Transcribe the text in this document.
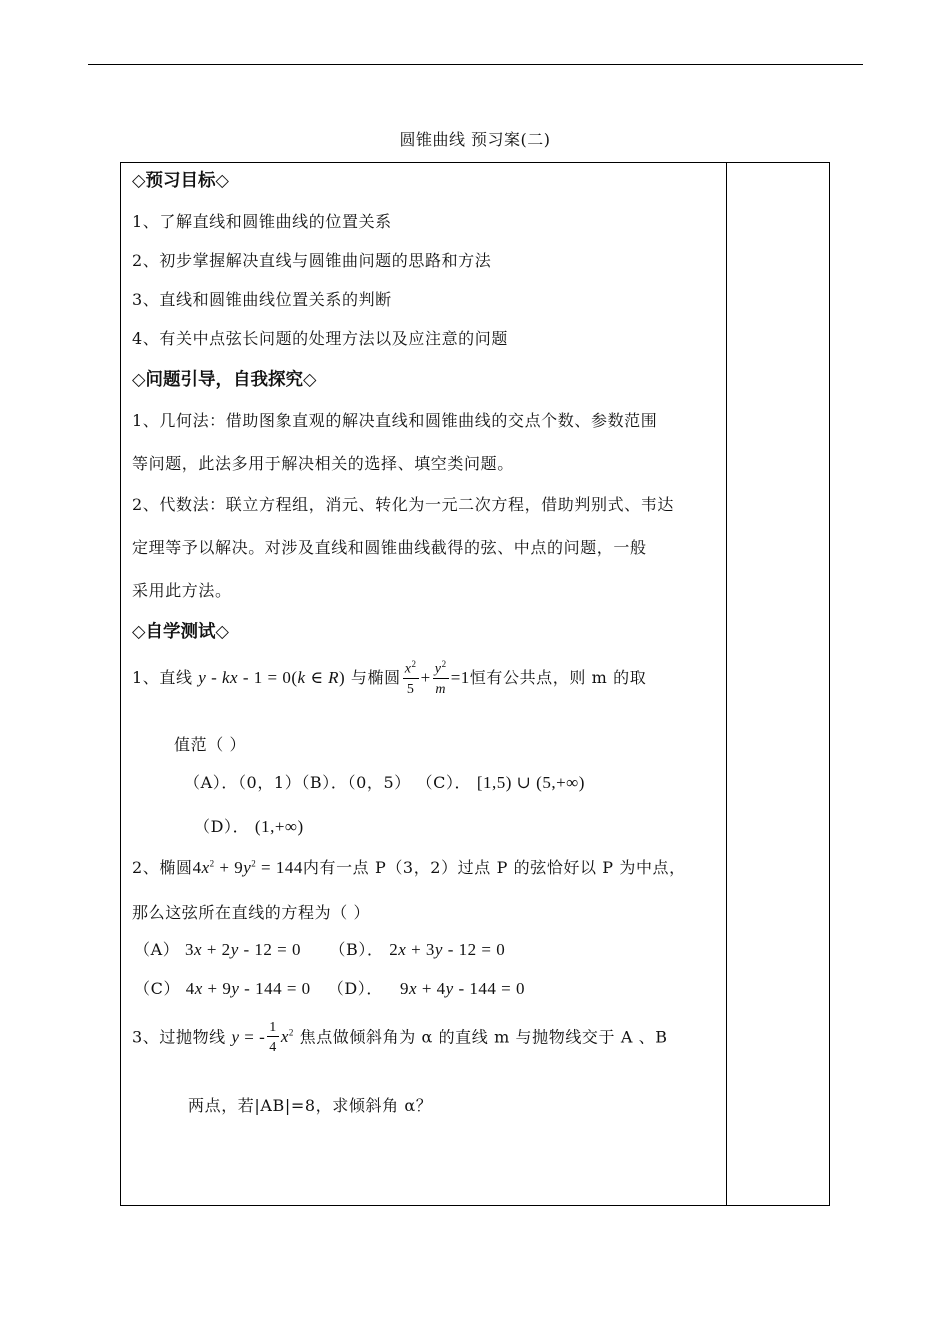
圆锥曲线 预习案(二)
◇预习目标◇
1、了解直线和圆锥曲线的位置关系
2、初步掌握解决直线与圆锥曲问题的思路和方法
3、直线和圆锥曲线位置关系的判断
4、有关中点弦长问题的处理方法以及应注意的问题
◇问题引导，自我探究◇
1、几何法：借助图象直观的解决直线和圆锥曲线的交点个数、参数范围
等问题，此法多用于解决相关的选择、填空类问题。
2、代数法：联立方程组，消元、转化为一元二次方程，借助判别式、韦达
定理等予以解决。对涉及直线和圆锥曲线截得的弦、中点的问题，一般
采用此方法。
◇自学测试◇
1、直线 y - kx - 1 = 0(k ∈ R) 与椭圆 $\frac{x^2}{5} + \frac{y^2}{m} =1$恒有公共点，则 m 的取
值范（ ）
（A）．（0，1）（B）．（0，5） （C）． [1,5) ∪ (5,+∞)
（D）． (1,+∞)
2、椭圆$4x^2 + 9y^2 = 144$内有一点 P（3，2）过点 P 的弦恰好以 P 为中点，
那么这弦所在直线的方程为（ ）
（A） 3x + 2y - 12 = 0 （B）． 2x + 3y - 12 = 0
（C） 4x + 9y - 144 = 0 （D）． 9x + 4y - 144 = 0
3、过抛物线 y = - $\frac{1}{4} x^2$ 焦点做倾斜角为 α 的直线 m 与抛物线交于 A 、B
两点，若|AB|=8，求倾斜角 α？
